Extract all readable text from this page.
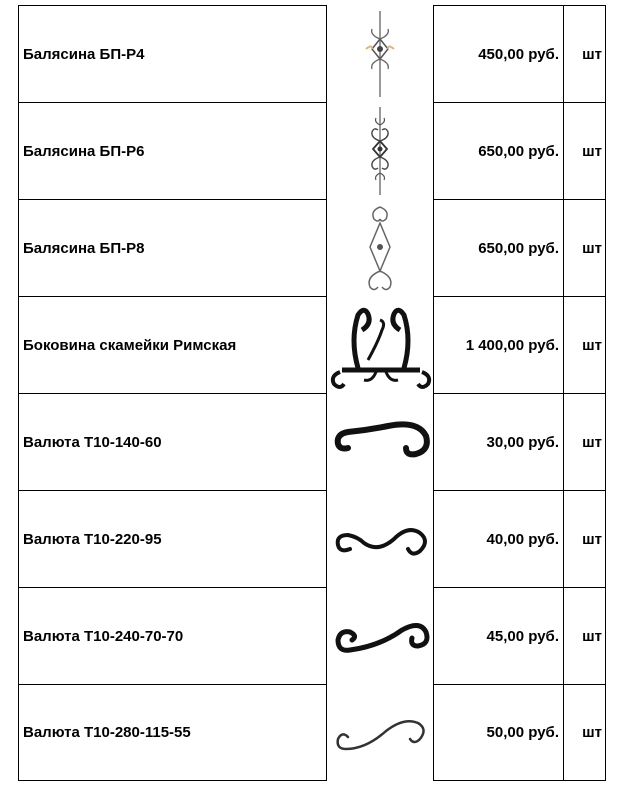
Балясина БП-Р4	450,00 руб.	шт
Балясина БП-Р6	650,00 руб.	шт
Балясина БП-Р8	650,00 руб.	шт
Боковина скамейки Римская	1 400,00 руб.	шт
Валюта Т10-140-60	30,00 руб.	шт
Валюта Т10-220-95	40,00 руб.	шт
Валюта Т10-240-70-70	45,00 руб.	шт
Валюта Т10-280-115-55	50,00 руб.	шт
